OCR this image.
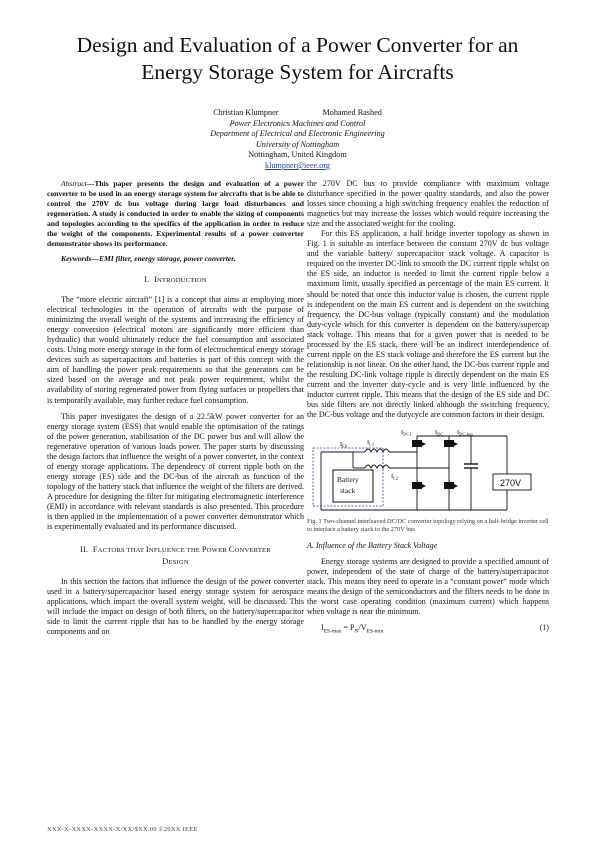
Design and Evaluation of a Power Converter for an
Energy Storage System for Aircrafts
Christian Klumpner	Mohamed Rashed
Power Electronics Machines and Control
Department of Electrical and Electronic Engineering
University of Nottingham
Nottingham, United Kingdom
klumpner@ieee.org

Abstract—This paper presents the design and evaluation of a power converter to be used in an energy storage system for aircrafts that is be able to control the 270V dc bus voltage during large load disturbances and regeneration. A study is conducted in order to enable the sizing of components and topologies according to the specifics of the application in order to reduce the weight of the components. Experimental results of a power converter demonstrator shows its performance.

Keywords—EMI filter, energy storage, power converter.

I. INTRODUCTION

The “more electric aircraft” [1] is a concept that aims at employing more electrical technologies in the operation of aircrafts with the purpose of minimizing the overall weight of the systems and increasing the efficiency of energy conversion (electrical motors are significantly more efficient than hydraulic) that would ultimately reduce the fuel consumption and associated costs. Using more energy storage in the form of electrochemical energy storage devices such as supercapacitors and batteries is part of this concept with the aim of handling the power peak requirements so that the generators can be sized based on the average and not peak power requirement, whilst the availability of storing regenerated power from flying surfaces or propellers that is temporarily available, may further reduce fuel consumption.

This paper investigates the design of a 22.5kW power converter for an energy storage system (ESS) that would enable the optimisation of the ratings of the power generation, stabilisation of the DC power bus and will allow the regenerative operation of various loads power. The paper starts by discussing the design factors that influence the weight of a power converter, in the context of energy storage applications. The dependency of current ripple both on the energy storage (ES) side and the DC-bus of the aircraft as function of the topology of the battery stack that influence the weight of the filters are derived. A procedure for designing the filter for mitigating electromagnetic interference (EMI) in accordance with relevant standards is also presented. This procedure is then applied in the implementation of a power converter demonstrator which is experimentally evaluated and its performance discussed.

II. FACTORS THAT INFLUENCE THE POWER CONVERTER
DESIGN

In this section the factors that influence the design of the power converter used in a battery/supercapacitor based energy storage system for aerospace applications, which impact the overall system weight, will be discussed. This will include the impact on design of both filters, on the battery/supercapacitor side to limit the current ripple that has to be handled by the energy storage components and on

the 270V DC bus to provide compliance with maximum voltage disturbance specified in the power quality standards, and also the power losses since choosing a high switching frequency enables the reduction of magnetics but may increase the losses which would require increasing the size and the associated weight for the cooling.

For this ES application, a half bridge inverter topology as shown in Fig. 1 is suitable as interface between the constant 270V dc bus voltage and the variable battery/ supercapacitor stack voltage. A capacitor is required on the inverter DC-link to smooth the DC current ripple whilst on the ES side, an inductor is needed to limit the current ripple below a maximum limit, usually specified as percentage of the main ES current. It should be noted that once this inductor value is chosen, the current ripple is independent on the main ES current and is dependent on the switching frequency, the DC-bus voltage (typically constant) and the modulation duty-cycle which for this converter is dependent on the battery/supercap stack voltage. This means that for a given power that is needed to be processed by the ES stack, there will be an indirect interdependence of current ripple on the ES stack voltage and therefore the ES current but the relationship is not linear. On the other hand, the DC-bus current ripple and the resulting DC-link voltage ripple is directly dependent on the main ES current and the inverter duty-cycle and is very little influenced by the inductor current ripple. This means that the design of the ES side and DC bus side filters are not directly linked although the switching frequency, the DC-bus voltage and the dutycycle are common factors in their design.

Battery
stack
270V
$I_{ES}$	$I_{L1}$
$I_{L2}$
$I_{DC1}$	$I_{DC}$ $I_{DC-bus}$

Fig. 1 Two-channel interleaved DC/DC converter topology relying on a half-bridge inverter cell to interface a battery stack to the 270V bus

A. Influence of the Battery Stack Voltage

Energy storage systems are designed to provide a specified amount of power, independent of the state of charge of the battery/supercapacitor stack. This means they need to operate in a “constant power” mode which means the design of the semiconductors and the filters needs to be done in the worst case operating condition (maximum current) which happens when voltage is near the minimum.

$I_{ES-max} = P_N/V_{ES-min}$	(1)

XXX-X-XXXX-XXXX-X/XX/$XX.00 ©20XX IEEE
